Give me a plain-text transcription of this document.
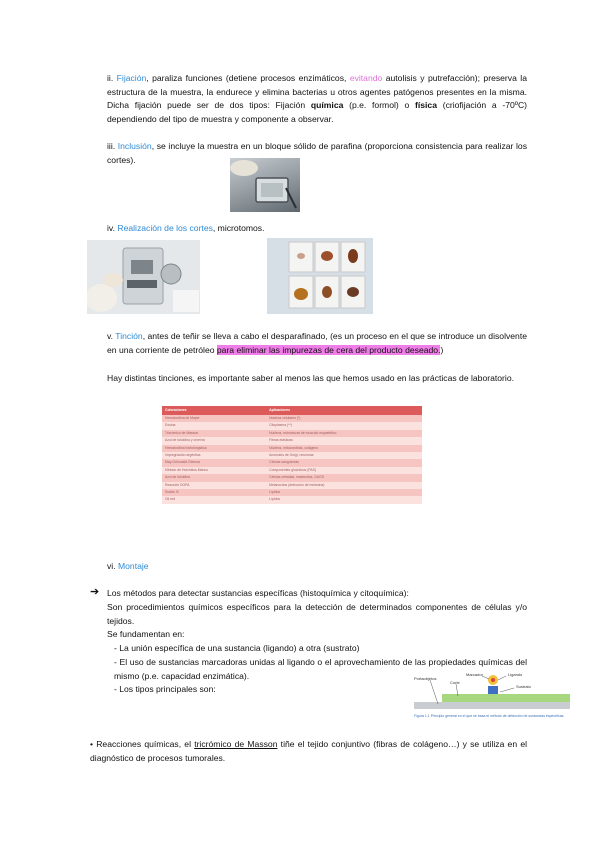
ii. Fijación, paraliza funciones (detiene procesos enzimáticos, evitando autolisis y putrefacción); preserva la estructura de la muestra, la endurece y elimina bacterias u otros agentes patógenos presentes en la misma. Dicha fijación puede ser de dos tipos: Fijación química (p.e. formol) o física (criofijación a -70ºC) dependiendo del tipo de muestra y componente a observar.
iii. Inclusión, se incluye la muestra en un bloque sólido de parafina (proporciona consistencia para realizar los cortes).
iv. Realización de los cortes, microtomos.
v. Tinción, antes de teñir se lleva a cabo el desparafinado, (es un proceso en el que se introduce un disolvente en una corriente de petróleo para eliminar las impurezas de cera del producto deseado.)
Hay distintas tinciones, es importante saber al menos las que hemos usado en las prácticas de laboratorio.
Coloraciones	Aplicaciones
Hematoxilina de Mayer	Núcleos celulares (*)
Eosina	Citoplasma (**)
Tricrómico de Masson	Núcleos, estructuras de músculo esquelético
Azul de toluidina y orceína	Fibras elásticas
Hematoxilina fosfotúngstica	Núcleos, mitocondrias, colágeno
Impregnación argéntica	Acúmulos de Golgi, neuronas
May-Grünwald-Giemsa	Células sanguíneas
Método de Hotchkiss-Manus	Componentes glucídicos (PAS)
Azul de toluidina	Células cebadas, mastocitos, GAGS
Reacción DOPA	Melanocitos (detección de melanina)
Sudán IV	Lípidos
Oil red	Lípidos
vi. Montaje
➔ Los métodos para detectar sustancias específicas (histoquímica y citoquímica):
Son procedimientos químicos específicos para la detección de determinados componentes de células y/o tejidos.
Se fundamentan en:
- La unión específica de una sustancia (ligando) a otra (sustrato)
- El uso de sustancias marcadoras unidas al ligando o el aprovechamiento de las propiedades químicas del mismo (p.e. capacidad enzimática).
- Los tipos principales son:
Portaobjetos
Corte
Marcador	Ligando
Sustrato
Figura 1.1 Principio general en el que se basa el método de detección de sustancias específicas.
• Reacciones químicas, el tricrómico de Masson tiñe el tejido conjuntivo (fibras de colágeno…) y se utiliza en el diagnóstico de procesos tumorales.
